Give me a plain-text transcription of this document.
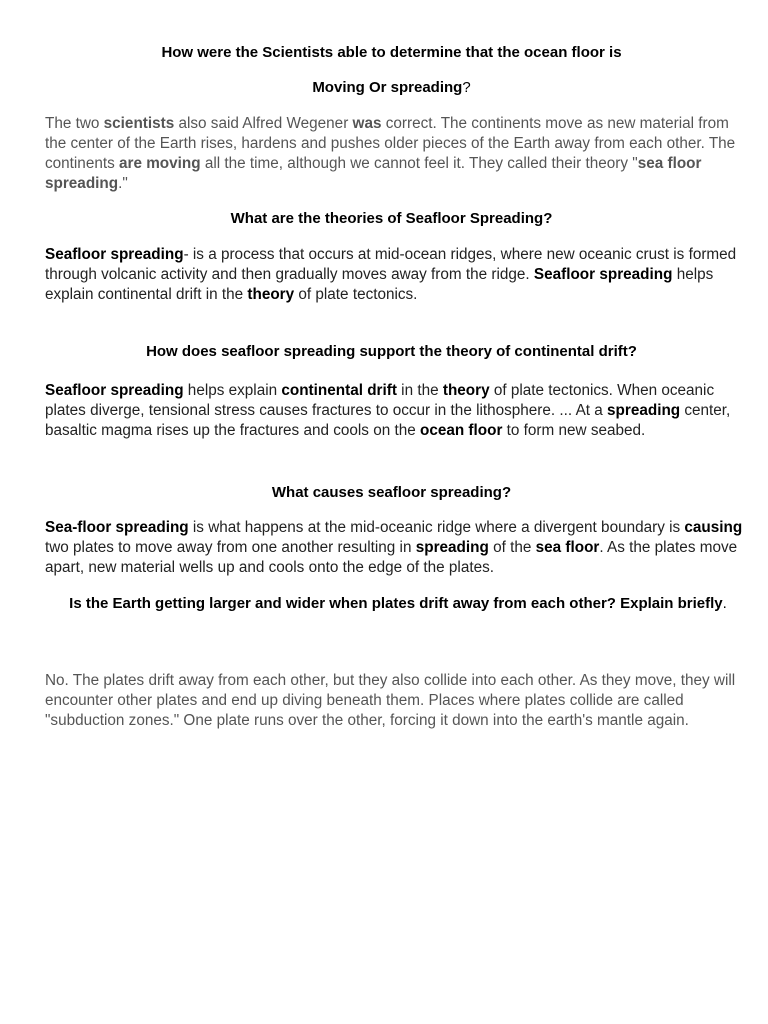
How were the Scientists able to determine that the ocean floor is

Moving Or spreading?

The two scientists also said Alfred Wegener was correct. The continents move as new material from the center of the Earth rises, hardens and pushes older pieces of the Earth away from each other. The continents are moving all the time, although we cannot feel it. They called their theory "sea floor spreading."

What are the theories of Seafloor Spreading?

Seafloor spreading- is a process that occurs at mid-ocean ridges, where new oceanic crust is formed through volcanic activity and then gradually moves away from the ridge. Seafloor spreading helps explain continental drift in the theory of plate tectonics.

How does seafloor spreading support the theory of continental drift?

Seafloor spreading helps explain continental drift in the theory of plate tectonics. When oceanic plates diverge, tensional stress causes fractures to occur in the lithosphere. ... At a spreading center, basaltic magma rises up the fractures and cools on the ocean floor to form new seabed.

What causes seafloor spreading?

Sea-floor spreading is what happens at the mid-oceanic ridge where a divergent boundary is causing two plates to move away from one another resulting in spreading of the sea floor. As the plates move apart, new material wells up and cools onto the edge of the plates.

Is the Earth getting larger and wider when plates drift away from each other? Explain briefly.

No. The plates drift away from each other, but they also collide into each other. As they move, they will encounter other plates and end up diving beneath them. Places where plates collide are called "subduction zones." One plate runs over the other, forcing it down into the earth's mantle again.
